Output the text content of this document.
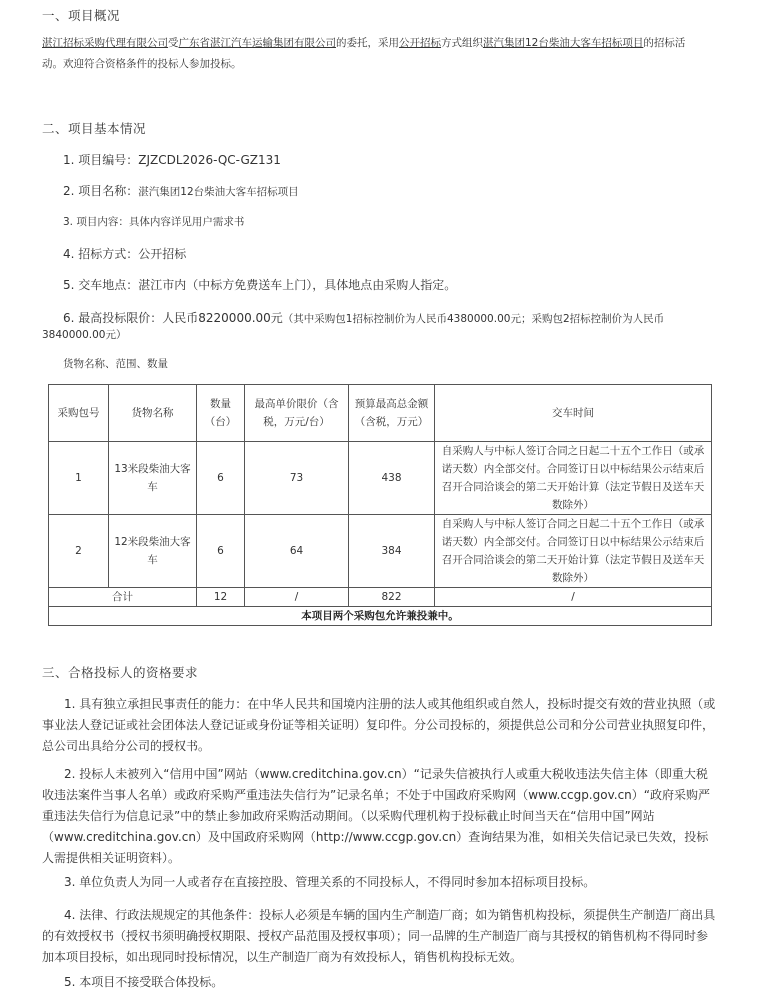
一、项目概况
湛江招标采购代理有限公司受广东省湛江汽车运输集团有限公司的委托，采用公开招标方式组织湛汽集团12台柴油大客车招标项目的招标活
动。欢迎符合资格条件的投标人参加投标。
二、项目基本情况
1. 项目编号：ZJZCDL2026-QC-GZ131
2. 项目名称：湛汽集团12台柴油大客车招标项目
3. 项目内容：具体内容详见用户需求书
4. 招标方式：公开招标
5. 交车地点：湛江市内（中标方免费送车上门），具体地点由采购人指定。
6. 最高投标限价：人民币8220000.00元（其中采购包1招标控制价为人民币4380000.00元；采购包2招标控制价为人民币
3840000.00元）
货物名称、范围、数量
采购包号	货物名称	数量（台）	最高单价限价（含税，万元/台）	预算最高总金额（含税，万元）	交车时间
1	13米段柴油大客车	6	73	438	自采购人与中标人签订合同之日起二十五个工作日（或承诺天数）内全部交付。合同签订日以中标结果公示结束后召开合同洽谈会的第二天开始计算（法定节假日及送车天数除外）
2	12米段柴油大客车	6	64	384	自采购人与中标人签订合同之日起二十五个工作日（或承诺天数）内全部交付。合同签订日以中标结果公示结束后召开合同洽谈会的第二天开始计算（法定节假日及送车天数除外）
合计		12	/	822	/
本项目两个采购包允许兼投兼中。					
三、合格投标人的资格要求
1. 具有独立承担民事责任的能力：在中华人民共和国境内注册的法人或其他组织或自然人，投标时提交有效的营业执照（或事业法人登记证或社会团体法人登记证或身份证等相关证明）复印件。分公司投标的，须提供总公司和分公司营业执照复印件，总公司出具给分公司的授权书。
2. 投标人未被列入“信用中国”网站（www.creditchina.gov.cn）“记录失信被执行人或重大税收违法失信主体（即重大税收违法案件当事人名单）或政府采购严重违法失信行为”记录名单；不处于中国政府采购网（www.ccgp.gov.cn）“政府采购严重违法失信行为信息记录”中的禁止参加政府采购活动期间。（以采购代理机构于投标截止时间当天在“信用中国”网站（www.creditchina.gov.cn）及中国政府采购网（http://www.ccgp.gov.cn）查询结果为准，如相关失信记录已失效，投标人需提供相关证明资料）。
3. 单位负责人为同一人或者存在直接控股、管理关系的不同投标人，不得同时参加本招标项目投标。
4. 法律、行政法规规定的其他条件：投标人必须是车辆的国内生产制造厂商；如为销售机构投标，须提供生产制造厂商出具的有效授权书（授权书须明确授权期限、授权产品范围及授权事项）；同一品牌的生产制造厂商与其授权的销售机构不得同时参加本项目投标，如出现同时投标情况，以生产制造厂商为有效投标人，销售机构投标无效。
5. 本项目不接受联合体投标。
